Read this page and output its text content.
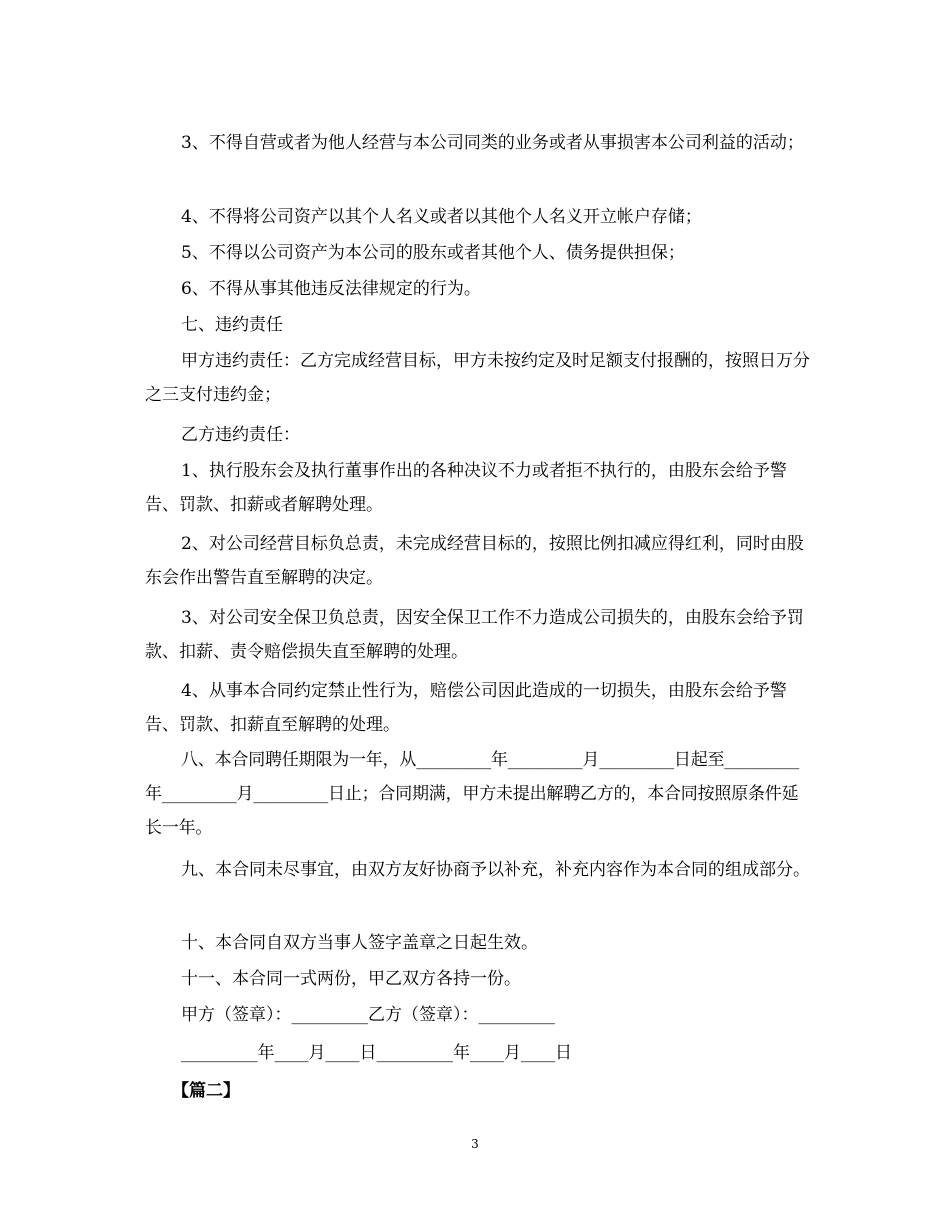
3、不得自营或者为他人经营与本公司同类的业务或者从事损害本公司利益的活动；
4、不得将公司资产以其个人名义或者以其他个人名义开立帐户存储；
5、不得以公司资产为本公司的股东或者其他个人、债务提供担保；
6、不得从事其他违反法律规定的行为。
七、违约责任
甲方违约责任：乙方完成经营目标，甲方未按约定及时足额支付报酬的，按照日万分之三支付违约金；
乙方违约责任：
1、执行股东会及执行董事作出的各种决议不力或者拒不执行的，由股东会给予警告、罚款、扣薪或者解聘处理。
2、对公司经营目标负总责，未完成经营目标的，按照比例扣减应得红利，同时由股东会作出警告直至解聘的决定。
3、对公司安全保卫负总责，因安全保卫工作不力造成公司损失的，由股东会给予罚款、扣薪、责令赔偿损失直至解聘的处理。
4、从事本合同约定禁止性行为，赔偿公司因此造成的一切损失，由股东会给予警告、罚款、扣薪直至解聘的处理。
八、本合同聘任期限为一年，从_________年_________月_________日起至_________年_________月_________日止；合同期满，甲方未提出解聘乙方的，本合同按照原条件延长一年。
九、本合同未尽事宜，由双方友好协商予以补充，补充内容作为本合同的组成部分。
十、本合同自双方当事人签字盖章之日起生效。
十一、本合同一式两份，甲乙双方各持一份。
甲方（签章）：_________乙方（签章）：_________
_________年____月____日_________年____月____日
【篇二】
3
